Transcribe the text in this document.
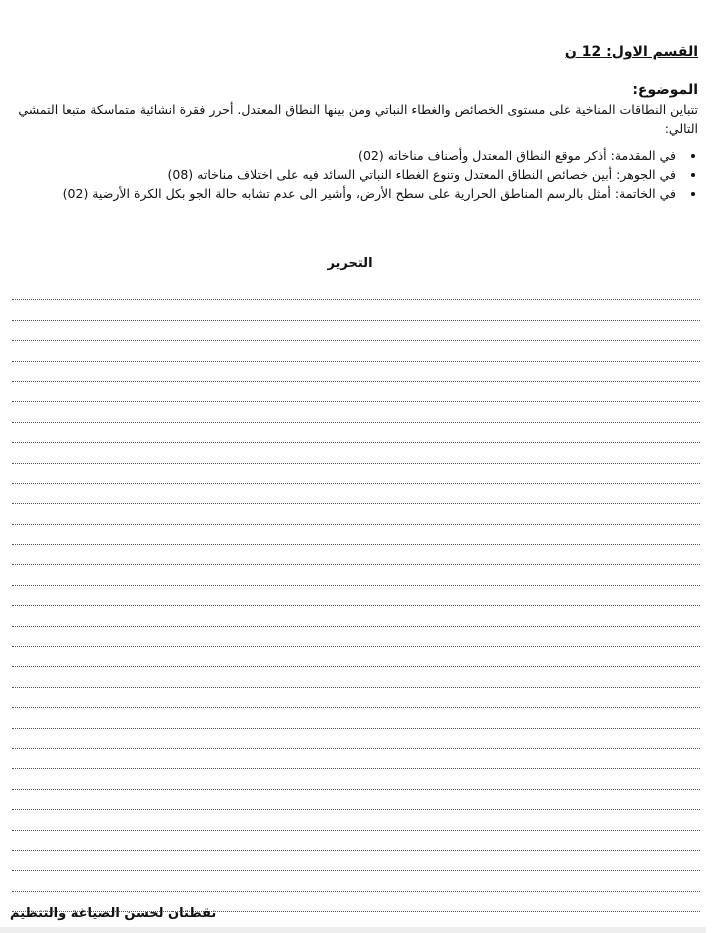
القسم الاول: 12 ن
الموضوع:
تتباين النطاقات المناخية على مستوى الخصائص والغطاء النباتي ومن بينها النطاق المعتدل. أحرر فقرة انشائية متماسكة متبعا التمشي التالي:
• في المقدمة: أذكر موقع النطاق المعتدل وأصناف مناخاته (02)
• في الجوهر: أبين خصائص النطاق المعتدل وتنوع الغطاء النباتي السائد فيه على اختلاف مناخاته (08)
• في الخاتمة: أمثل بالرسم المناطق الحرارية على سطح الأرض، وأشير الى عدم تشابه حالة الجو بكل الكرة الأرضية (02)
التحرير
نقطتان لحسن الصياغة والتنظيم
